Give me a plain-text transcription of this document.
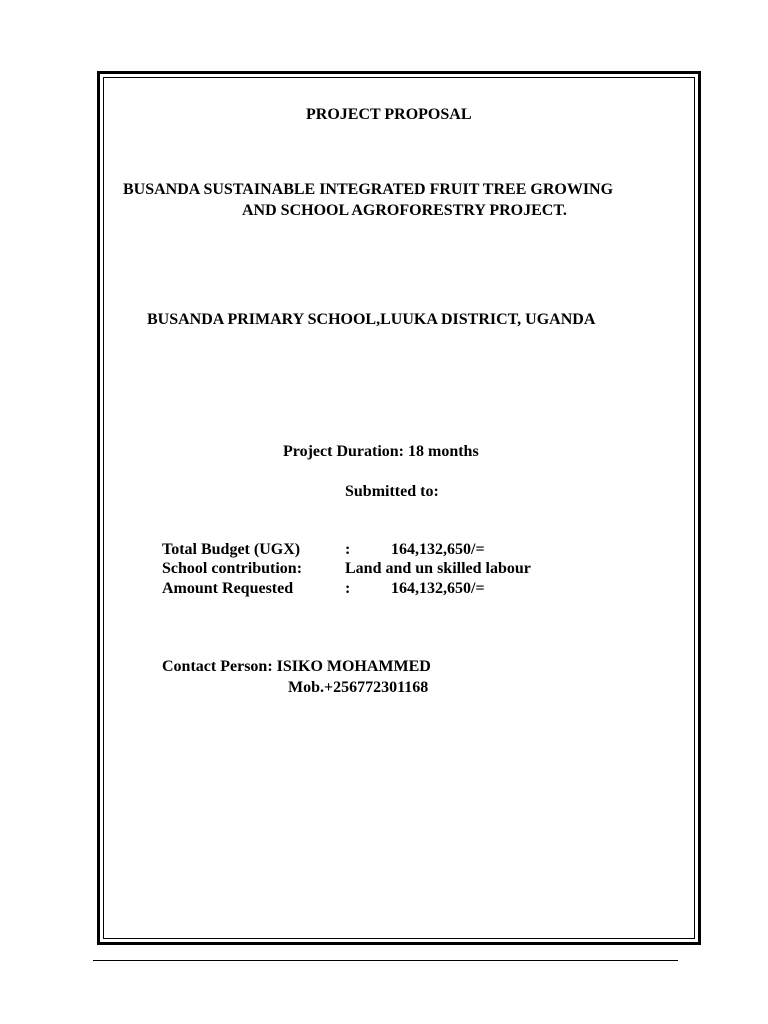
PROJECT PROPOSAL
BUSANDA SUSTAINABLE INTEGRATED FRUIT TREE GROWING
AND SCHOOL AGROFORESTRY PROJECT.
BUSANDA PRIMARY SCHOOL,LUUKA DISTRICT, UGANDA
Project Duration: 18 months
Submitted to:
Total Budget (UGX)	:	164,132,650/=
School contribution:	Land and un skilled labour
Amount Requested	:	164,132,650/=
Contact Person: ISIKO MOHAMMED
Mob.+256772301168
